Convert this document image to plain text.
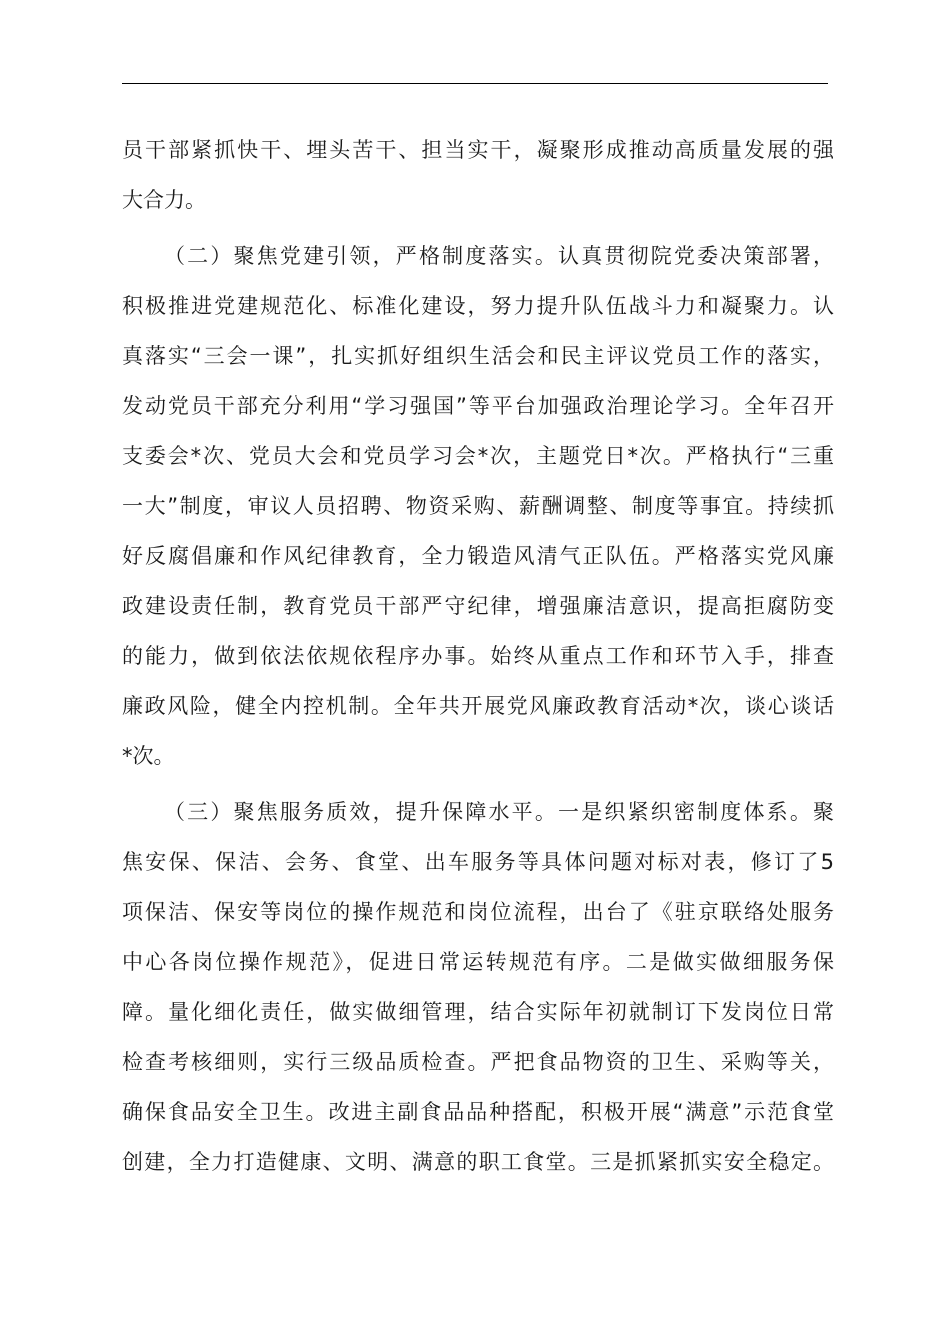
员干部紧抓快干、埋头苦干、担当实干，凝聚形成推动高质量发展的强
大合力。
（二）聚焦党建引领，严格制度落实。认真贯彻院党委决策部署，
积极推进党建规范化、标准化建设，努力提升队伍战斗力和凝聚力。认
真落实“三会一课”，扎实抓好组织生活会和民主评议党员工作的落实，
发动党员干部充分利用“学习强国”等平台加强政治理论学习。全年召开
支委会*次、党员大会和党员学习会*次，主题党日*次。严格执行“三重
一大”制度，审议人员招聘、物资采购、薪酬调整、制度等事宜。持续抓
好反腐倡廉和作风纪律教育，全力锻造风清气正队伍。严格落实党风廉
政建设责任制，教育党员干部严守纪律，增强廉洁意识，提高拒腐防变
的能力，做到依法依规依程序办事。始终从重点工作和环节入手，排查
廉政风险，健全内控机制。全年共开展党风廉政教育活动*次，谈心谈话
*次。
（三）聚焦服务质效，提升保障水平。一是织紧织密制度体系。聚
焦安保、保洁、会务、食堂、出车服务等具体问题对标对表，修订了5
项保洁、保安等岗位的操作规范和岗位流程，出台了《驻京联络处服务
中心各岗位操作规范》，促进日常运转规范有序。二是做实做细服务保
障。量化细化责任，做实做细管理，结合实际年初就制订下发岗位日常
检查考核细则，实行三级品质检查。严把食品物资的卫生、采购等关，
确保食品安全卫生。改进主副食品品种搭配，积极开展“满意”示范食堂
创建，全力打造健康、文明、满意的职工食堂。三是抓紧抓实安全稳定。
